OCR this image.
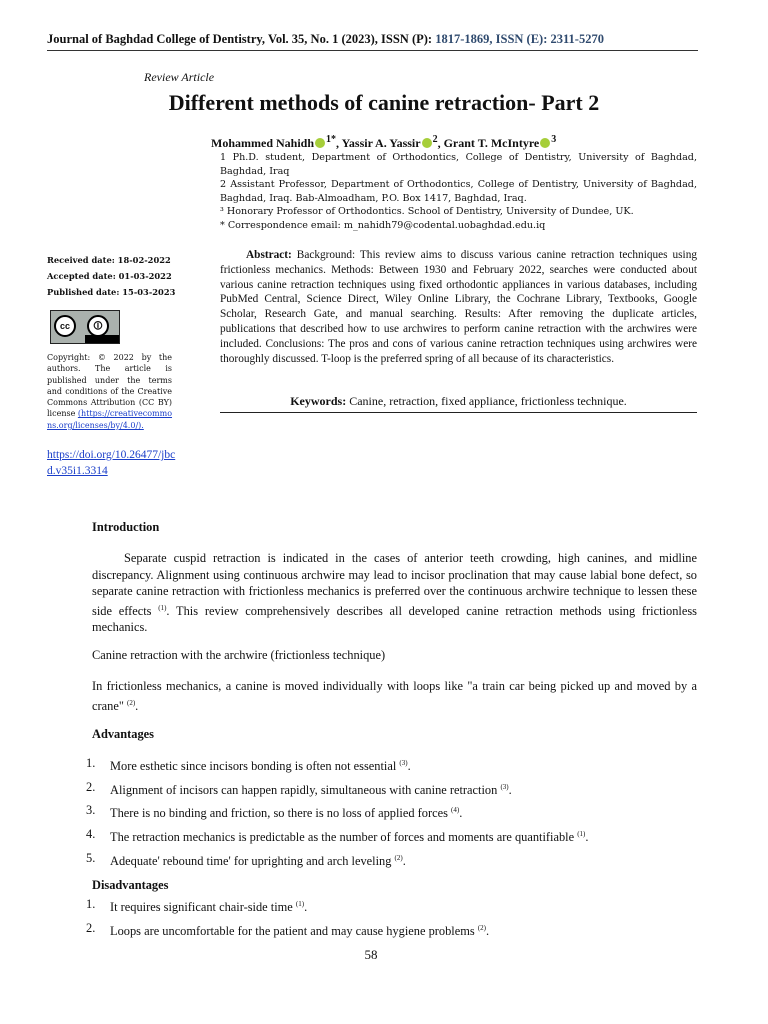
Journal of Baghdad College of Dentistry, Vol. 35, No. 1 (2023), ISSN (P): 1817-1869, ISSN (E): 2311-5270
Review Article
Different methods of canine retraction- Part 2
Mohammed Nahidh $^{1*}$, Yassir A. Yassir $^2$, Grant T. McIntyre $^3$

1 Ph.D. student, Department of Orthodontics, College of Dentistry, University of Baghdad, Baghdad, Iraq

2 Assistant Professor, Department of Orthodontics, College of Dentistry, University of Baghdad, Baghdad, Iraq. Bab-Almoadham, P.O. Box 1417, Baghdad, Iraq.

³ Honorary Professor of Orthodontics. School of Dentistry, University of Dundee, UK.

* Correspondence email: m_nahidh79@codental.uobaghdad.edu.iq

Received date: 18-02-2022
Accepted date: 01-03-2022
Published date: 15-03-2023
cc	🛈
Copyright: © 2022 by the authors. The article is published under the terms and conditions of the Creative Commons Attribution (CC BY) license (https://creativecommons.org/licenses/by/4.0/).
https://doi.org/10.26477/jbcd.v35i1.3314
Abstract: Background: This review aims to discuss various canine retraction techniques using frictionless mechanics. Methods: Between 1930 and February 2022, searches were conducted about various canine retraction techniques using fixed orthodontic appliances in various databases, including PubMed Central, Science Direct, Wiley Online Library, the Cochrane Library, Textbooks, Google Scholar, Research Gate, and manual searching. Results: After removing the duplicate articles, publications that described how to use archwires to perform canine retraction with the archwires were included. Conclusions: The pros and cons of various canine retraction techniques using archwires were thoroughly discussed. T-loop is the preferred spring of all because of its characteristics.
Keywords: Canine, retraction, fixed appliance, frictionless technique.
Introduction
Separate cuspid retraction is indicated in the cases of anterior teeth crowding, high canines, and midline discrepancy. Alignment using continuous archwire may lead to incisor proclination that may cause labial bone defect, so separate canine retraction with frictionless mechanics is preferred over the continuous archwire technique to lessen these side effects $^{(1)}$. This review comprehensively describes all developed canine retraction methods using frictionless mechanics.
Canine retraction with the archwire (frictionless technique)
In frictionless mechanics, a canine is moved individually with loops like "a train car being picked up and moved by a crane" $^{(2)}$.
Advantages
1. More esthetic since incisors bonding is often not essential $^{(3)}$.
2. Alignment of incisors can happen rapidly, simultaneous with canine retraction $^{(3)}$.
3. There is no binding and friction, so there is no loss of applied forces $^{(4)}$.
4. The retraction mechanics is predictable as the number of forces and moments are quantifiable $^{(1)}$.
5. Adequate' rebound time' for uprighting and arch leveling $^{(2)}$.
Disadvantages
1. It requires significant chair-side time $^{(1)}$.
2. Loops are uncomfortable for the patient and may cause hygiene problems $^{(2)}$.
58
